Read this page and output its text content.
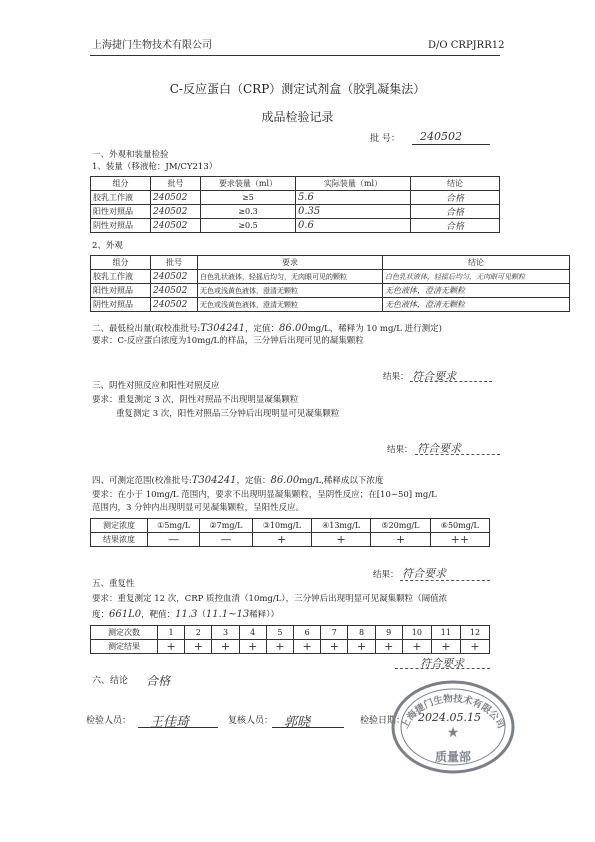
上海捷门生物技术有限公司	D/O CRPJRR12
C-反应蛋白（CRP）测定试剂盒（胶乳凝集法）
成品检验记录
批 号： 240502
一、外观和装量检验
1、装量（移液枪：JM/CY213）
组分	批号	要求装量（ml）	实际装量（ml）	结论
胶乳工作液	240502	≥5	5.6	合格
阳性对照品	240502	≥0.3	0.35	合格
阴性对照品	240502	≥0.5	0.6	合格
2、外观
组分	批号	要求	结论
胶乳工作液	240502	白色乳状液体，轻摇后均匀，无肉眼可见的颗粒	白色乳状液体，轻摇后均匀，无肉眼可见颗粒
阳性对照品	240502	无色或浅黄色液体，澄清无颗粒	无色液体，澄清无颗粒
阴性对照品	240502	无色或浅黄色液体，澄清无颗粒	无色液体，澄清无颗粒
二、最低检出量(取校准批号:T304241，定值：86.00mg/L，稀释为 10 mg/L 进行测定)
要求：C-反应蛋白浓度为10mg/L的样品，三分钟后出现可见的凝集颗粒
结果： 符合要求
三、阴性对照反应和阳性对照反应
要求：重复测定 3 次，阴性对照品不出现明显凝集颗粒
重复测定 3 次，阳性对照品三分钟后出现明显可见凝集颗粒
结果： 符合要求
四、可测定范围(校准批号:T304241，定值：86.00mg/L,稀释成以下浓度
要求：在小于 10mg/L 范围内，要求不出现明显凝集颗粒，呈阴性反应；在[10~50] mg/L
范围内，3 分钟内出现明显可见凝集颗粒，呈阳性反应。
测定浓度	①5mg/L	②7mg/L	③10mg/L	④13mg/L	⑤20mg/L	⑥50mg/L
结果浓度	—	—	+	+	+	++
结果： 符合要求
五、重复性
要求：重复测定 12 次，CRP 质控血清（10mg/L），三分钟后出现明显可见凝集颗粒（阔值浓
度：661L0，靶值：11.3（11.1~13稀释））
测定次数	1	2	3	4	5	6	7	8	9	10	11	12
测定结果	+	+	+	+	+	+	+	+	+	+	+	+
符合要求
六、结论 合格
检验人员： 王佳琦	复核人员： 郭晓	检验日期： 2024.05.15
上海捷门生物技术有限公司
★
质量部
